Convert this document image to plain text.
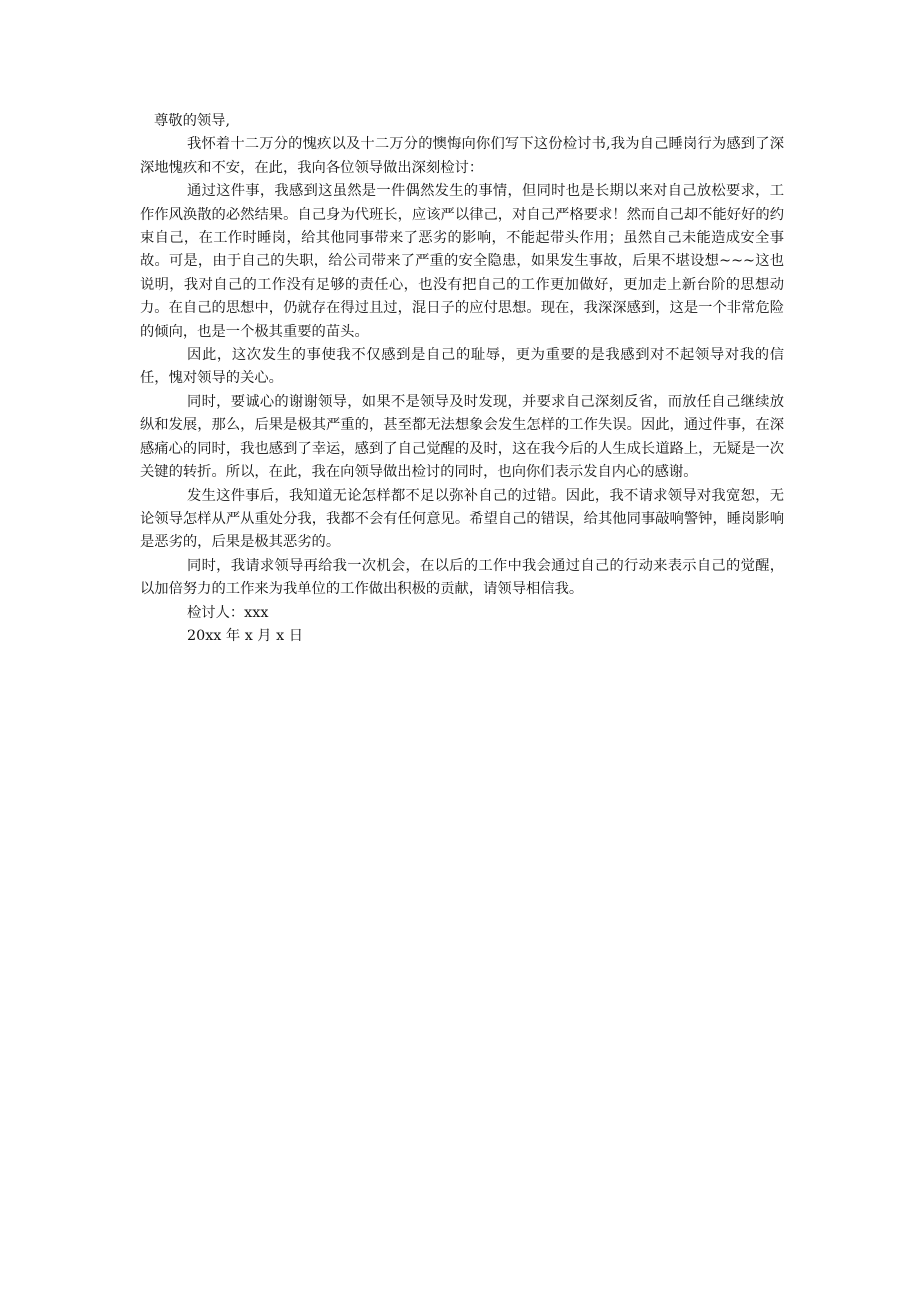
尊敬的领导,

我怀着十二万分的愧疚以及十二万分的懊悔向你们写下这份检讨书,我为自己睡岗行为感到了深深地愧疚和不安，在此，我向各位领导做出深刻检讨：

通过这件事，我感到这虽然是一件偶然发生的事情，但同时也是长期以来对自己放松要求，工作作风涣散的必然结果。自己身为代班长，应该严以律己，对自己严格要求！然而自己却不能好好的约束自己，在工作时睡岗，给其他同事带来了恶劣的影响，不能起带头作用；虽然自己未能造成安全事故。可是，由于自己的失职，给公司带来了严重的安全隐患，如果发生事故，后果不堪设想~~~这也说明，我对自己的工作没有足够的责任心，也没有把自己的工作更加做好，更加走上新台阶的思想动力。在自己的思想中，仍就存在得过且过，混日子的应付思想。现在，我深深感到，这是一个非常危险的倾向，也是一个极其重要的苗头。

因此，这次发生的事使我不仅感到是自己的耻辱，更为重要的是我感到对不起领导对我的信任，愧对领导的关心。

同时，要诚心的谢谢领导，如果不是领导及时发现，并要求自己深刻反省，而放任自己继续放纵和发展，那么，后果是极其严重的，甚至都无法想象会发生怎样的工作失误。因此，通过件事，在深感痛心的同时，我也感到了幸运，感到了自己觉醒的及时，这在我今后的人生成长道路上，无疑是一次关键的转折。所以，在此，我在向领导做出检讨的同时，也向你们表示发自内心的感谢。

发生这件事后，我知道无论怎样都不足以弥补自己的过错。因此，我不请求领导对我宽恕，无论领导怎样从严从重处分我，我都不会有任何意见。希望自己的错误，给其他同事敲响警钟，睡岗影响是恶劣的，后果是极其恶劣的。

同时，我请求领导再给我一次机会，在以后的工作中我会通过自己的行动来表示自己的觉醒，以加倍努力的工作来为我单位的工作做出积极的贡献，请领导相信我。

检讨人：xxx

20xx 年 x 月 x 日
